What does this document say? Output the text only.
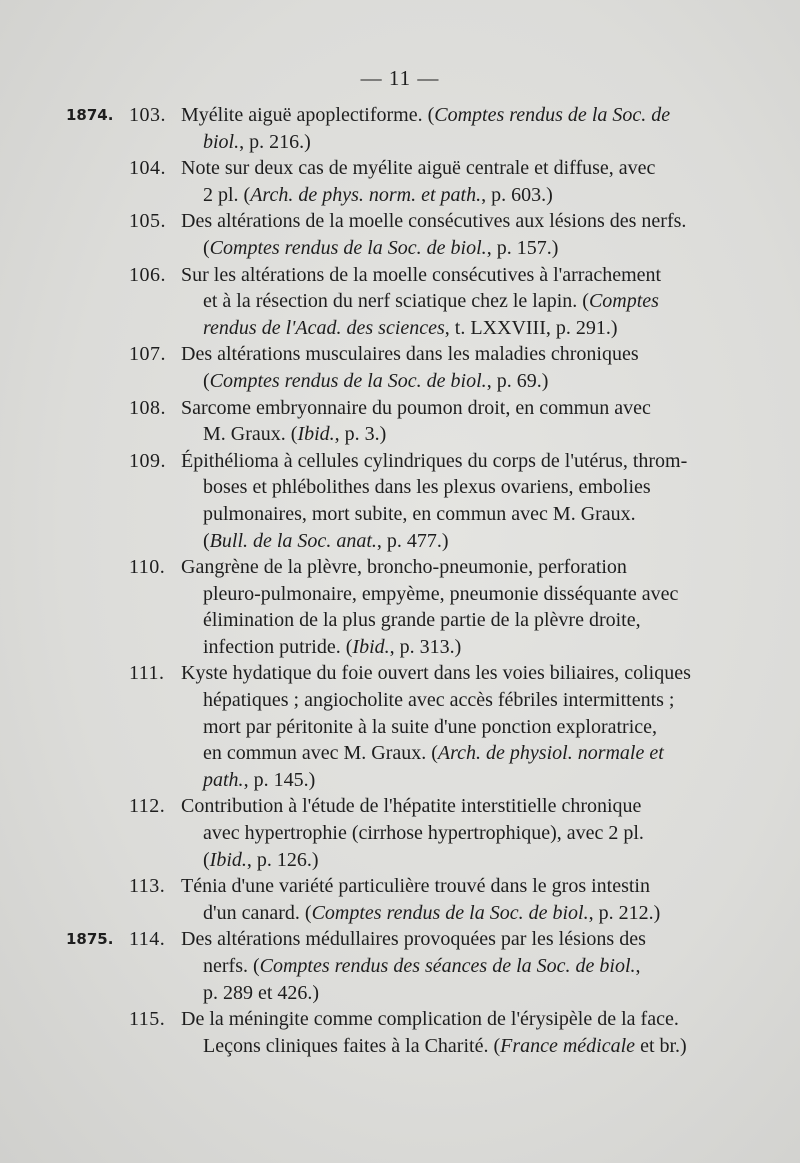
— 11 —
1874. 103. Myélite aiguë apoplectiforme. (Comptes rendus de la Soc. de
biol., p. 216.)
104. Note sur deux cas de myélite aiguë centrale et diffuse, avec
2 pl. (Arch. de phys. norm. et path., p. 603.)
105. Des altérations de la moelle consécutives aux lésions des nerfs.
(Comptes rendus de la Soc. de biol., p. 157.)
106. Sur les altérations de la moelle consécutives à l'arrachement
et à la résection du nerf sciatique chez le lapin. (Comptes
rendus de l'Acad. des sciences, t. LXXVIII, p. 291.)
107. Des altérations musculaires dans les maladies chroniques
(Comptes rendus de la Soc. de biol., p. 69.)
108. Sarcome embryonnaire du poumon droit, en commun avec
M. Graux. (Ibid., p. 3.)
109. Épithélioma à cellules cylindriques du corps de l'utérus, throm-
boses et phlébolithes dans les plexus ovariens, embolies
pulmonaires, mort subite, en commun avec M. Graux.
(Bull. de la Soc. anat., p. 477.)
110. Gangrène de la plèvre, broncho-pneumonie, perforation
pleuro-pulmonaire, empyème, pneumonie disséquante avec
élimination de la plus grande partie de la plèvre droite,
infection putride. (Ibid., p. 313.)
111. Kyste hydatique du foie ouvert dans les voies biliaires, coliques
hépatiques ; angiocholite avec accès fébriles intermittents ;
mort par péritonite à la suite d'une ponction exploratrice,
en commun avec M. Graux. (Arch. de physiol. normale et
path., p. 145.)
112. Contribution à l'étude de l'hépatite interstitielle chronique
avec hypertrophie (cirrhose hypertrophique), avec 2 pl.
(Ibid., p. 126.)
113. Ténia d'une variété particulière trouvé dans le gros intestin
d'un canard. (Comptes rendus de la Soc. de biol., p. 212.)
1875. 114. Des altérations médullaires provoquées par les lésions des
nerfs. (Comptes rendus des séances de la Soc. de biol.,
p. 289 et 426.)
115. De la méningite comme complication de l'érysipèle de la face.
Leçons cliniques faites à la Charité. (France médicale et br.)
